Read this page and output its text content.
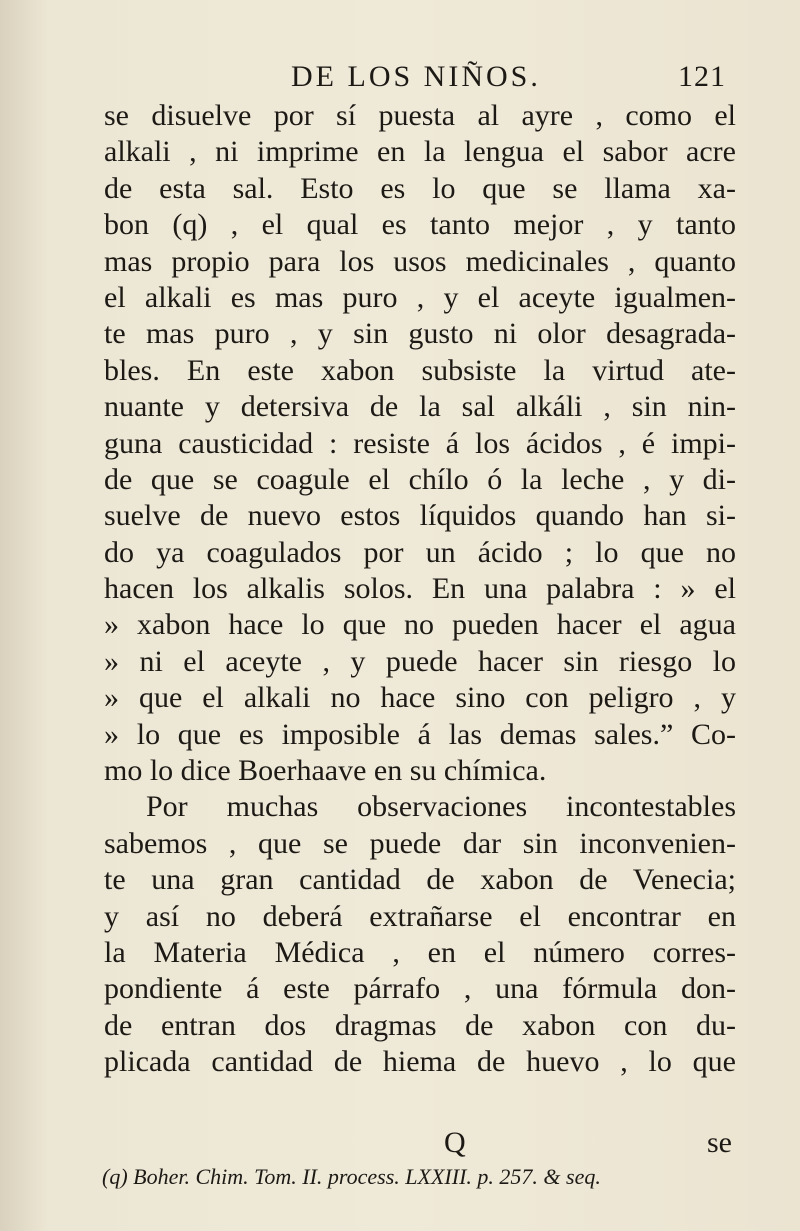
DE LOS NIÑOS.	121
se disuelve por sí puesta al ayre , como el
alkali , ni imprime en la lengua el sabor acre
de esta sal. Esto es lo que se llama xa-
bon (q) , el qual es tanto mejor , y tanto
mas propio para los usos medicinales , quanto
el alkali es mas puro , y el aceyte igualmen-
te mas puro , y sin gusto ni olor desagrada-
bles. En este xabon subsiste la virtud ate-
nuante y detersiva de la sal alkáli , sin nin-
guna causticidad : resiste á los ácidos , é impi-
de que se coagule el chílo ó la leche , y di-
suelve de nuevo estos líquidos quando han si-
do ya coagulados por un ácido ; lo que no
hacen los alkalis solos. En una palabra : » el
» xabon hace lo que no pueden hacer el agua
» ni el aceyte , y puede hacer sin riesgo lo
» que el alkali no hace sino con peligro , y
» lo que es imposible á las demas sales.” Co-
mo lo dice Boerhaave en su chímica.
Por muchas observaciones incontestables
sabemos , que se puede dar sin inconvenien-
te una gran cantidad de xabon de Venecia;
y así no deberá extrañarse el encontrar en
la Materia Médica , en el número corres-
pondiente á este párrafo , una fórmula don-
de entran dos dragmas de xabon con du-
plicada cantidad de hiema de huevo , lo que
Q	se
(q) Boher. Chim. Tom. II. process. LXXIII. p. 257. & seq.
